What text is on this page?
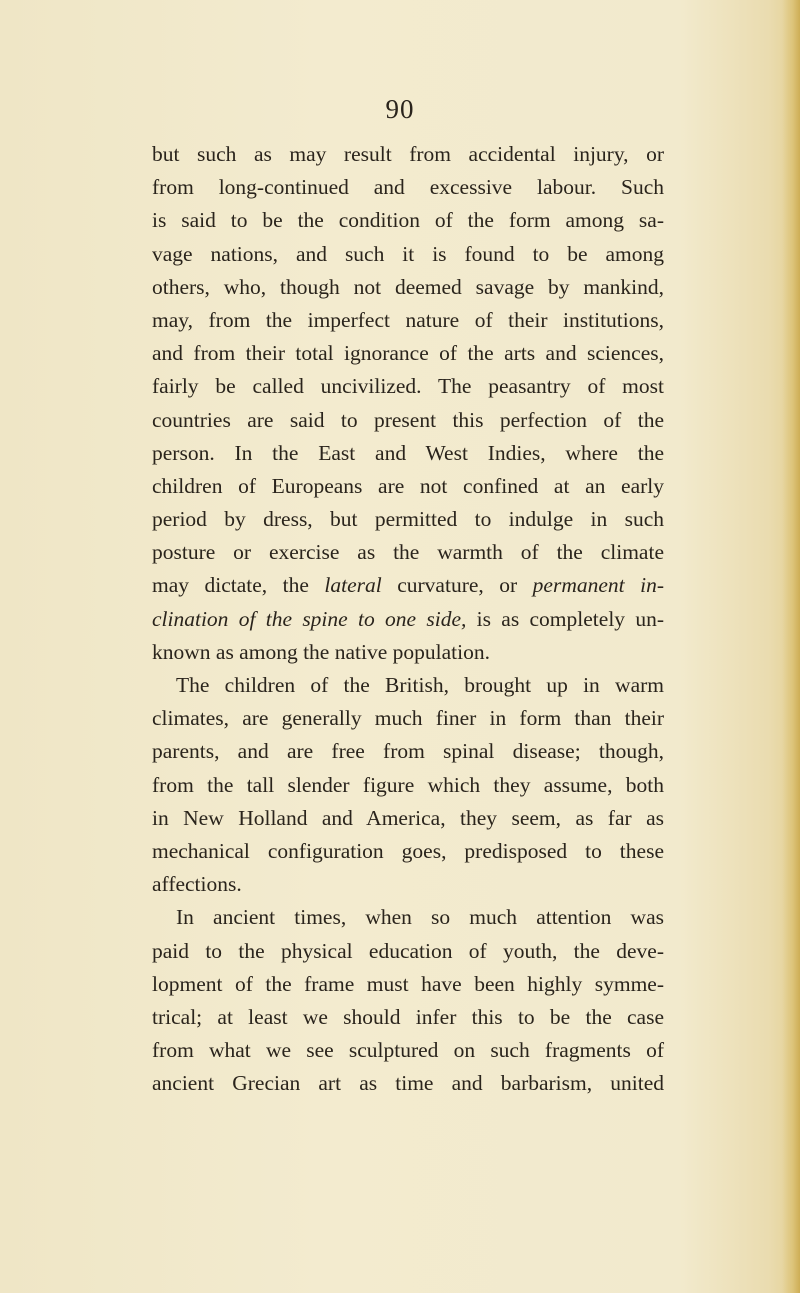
90
but such as may result from accidental injury, or
from long-continued and excessive labour. Such
is said to be the condition of the form among sa-
vage nations, and such it is found to be among
others, who, though not deemed savage by mankind,
may, from the imperfect nature of their institutions,
and from their total ignorance of the arts and sciences,
fairly be called uncivilized. The peasantry of most
countries are said to present this perfection of the
person. In the East and West Indies, where the
children of Europeans are not confined at an early
period by dress, but permitted to indulge in such
posture or exercise as the warmth of the climate
may dictate, the lateral curvature, or permanent in-
clination of the spine to one side, is as completely un-
known as among the native population.
The children of the British, brought up in warm
climates, are generally much finer in form than their
parents, and are free from spinal disease; though,
from the tall slender figure which they assume, both
in New Holland and America, they seem, as far as
mechanical configuration goes, predisposed to these
affections.
In ancient times, when so much attention was
paid to the physical education of youth, the deve-
lopment of the frame must have been highly symme-
trical; at least we should infer this to be the case
from what we see sculptured on such fragments of
ancient Grecian art as time and barbarism, united
